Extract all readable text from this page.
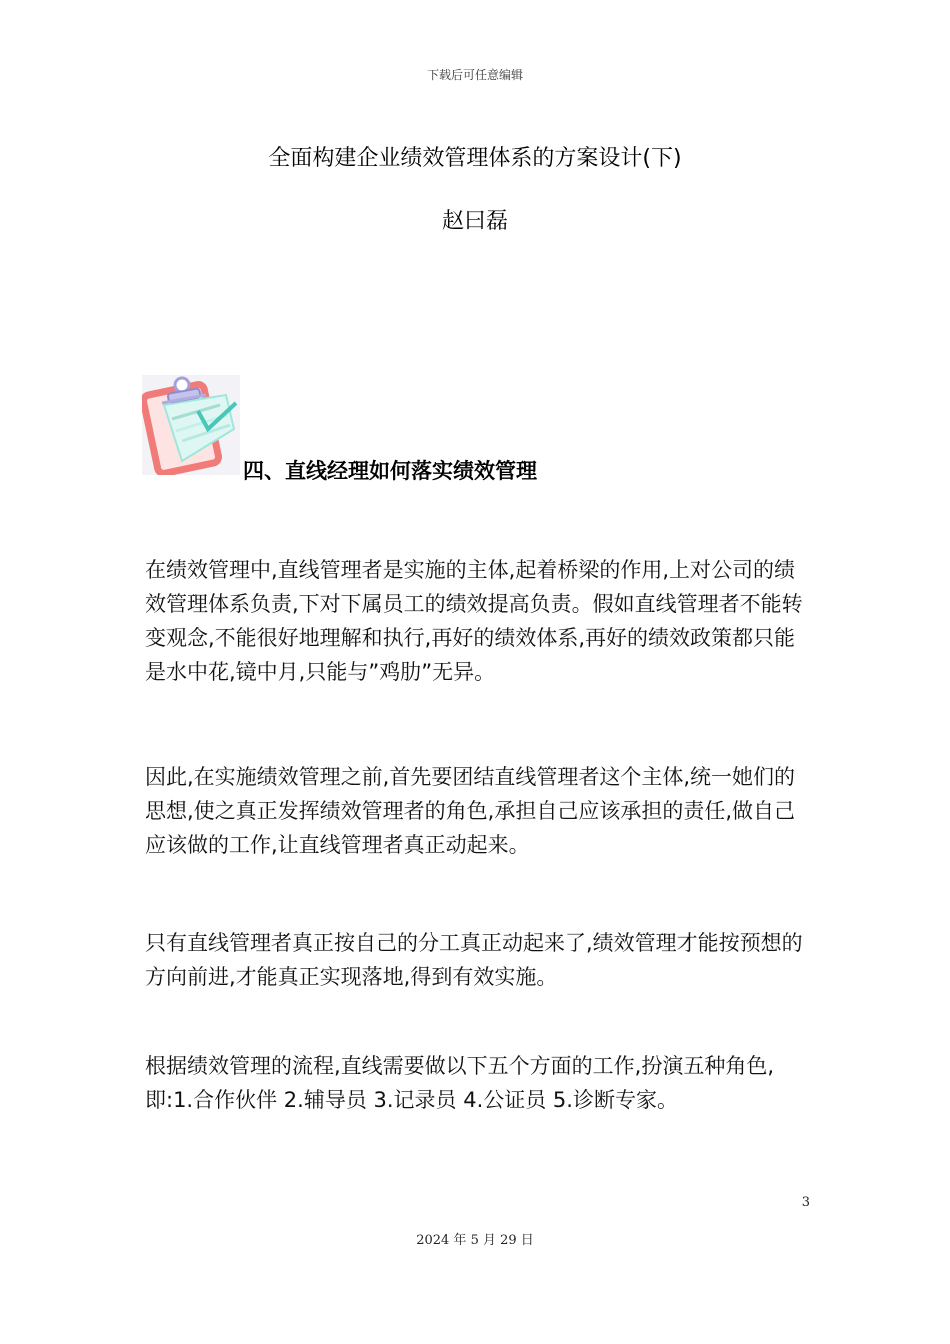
下载后可任意编辑
全面构建企业绩效管理体系的方案设计(下)
赵曰磊
四、直线经理如何落实绩效管理
在绩效管理中,直线管理者是实施的主体,起着桥梁的作用,上对公司的绩效管理体系负责,下对下属员工的绩效提高负责。假如直线管理者不能转变观念,不能很好地理解和执行,再好的绩效体系,再好的绩效政策都只能是水中花,镜中月,只能与”鸡肋”无异。
因此,在实施绩效管理之前,首先要团结直线管理者这个主体,统一她们的思想,使之真正发挥绩效管理者的角色,承担自己应该承担的责任,做自己应该做的工作,让直线管理者真正动起来。
只有直线管理者真正按自己的分工真正动起来了,绩效管理才能按预想的方向前进,才能真正实现落地,得到有效实施。
根据绩效管理的流程,直线需要做以下五个方面的工作,扮演五种角色,即:1.合作伙伴 2.辅导员 3.记录员 4.公证员 5.诊断专家。
3
2024 年 5 月 29 日
